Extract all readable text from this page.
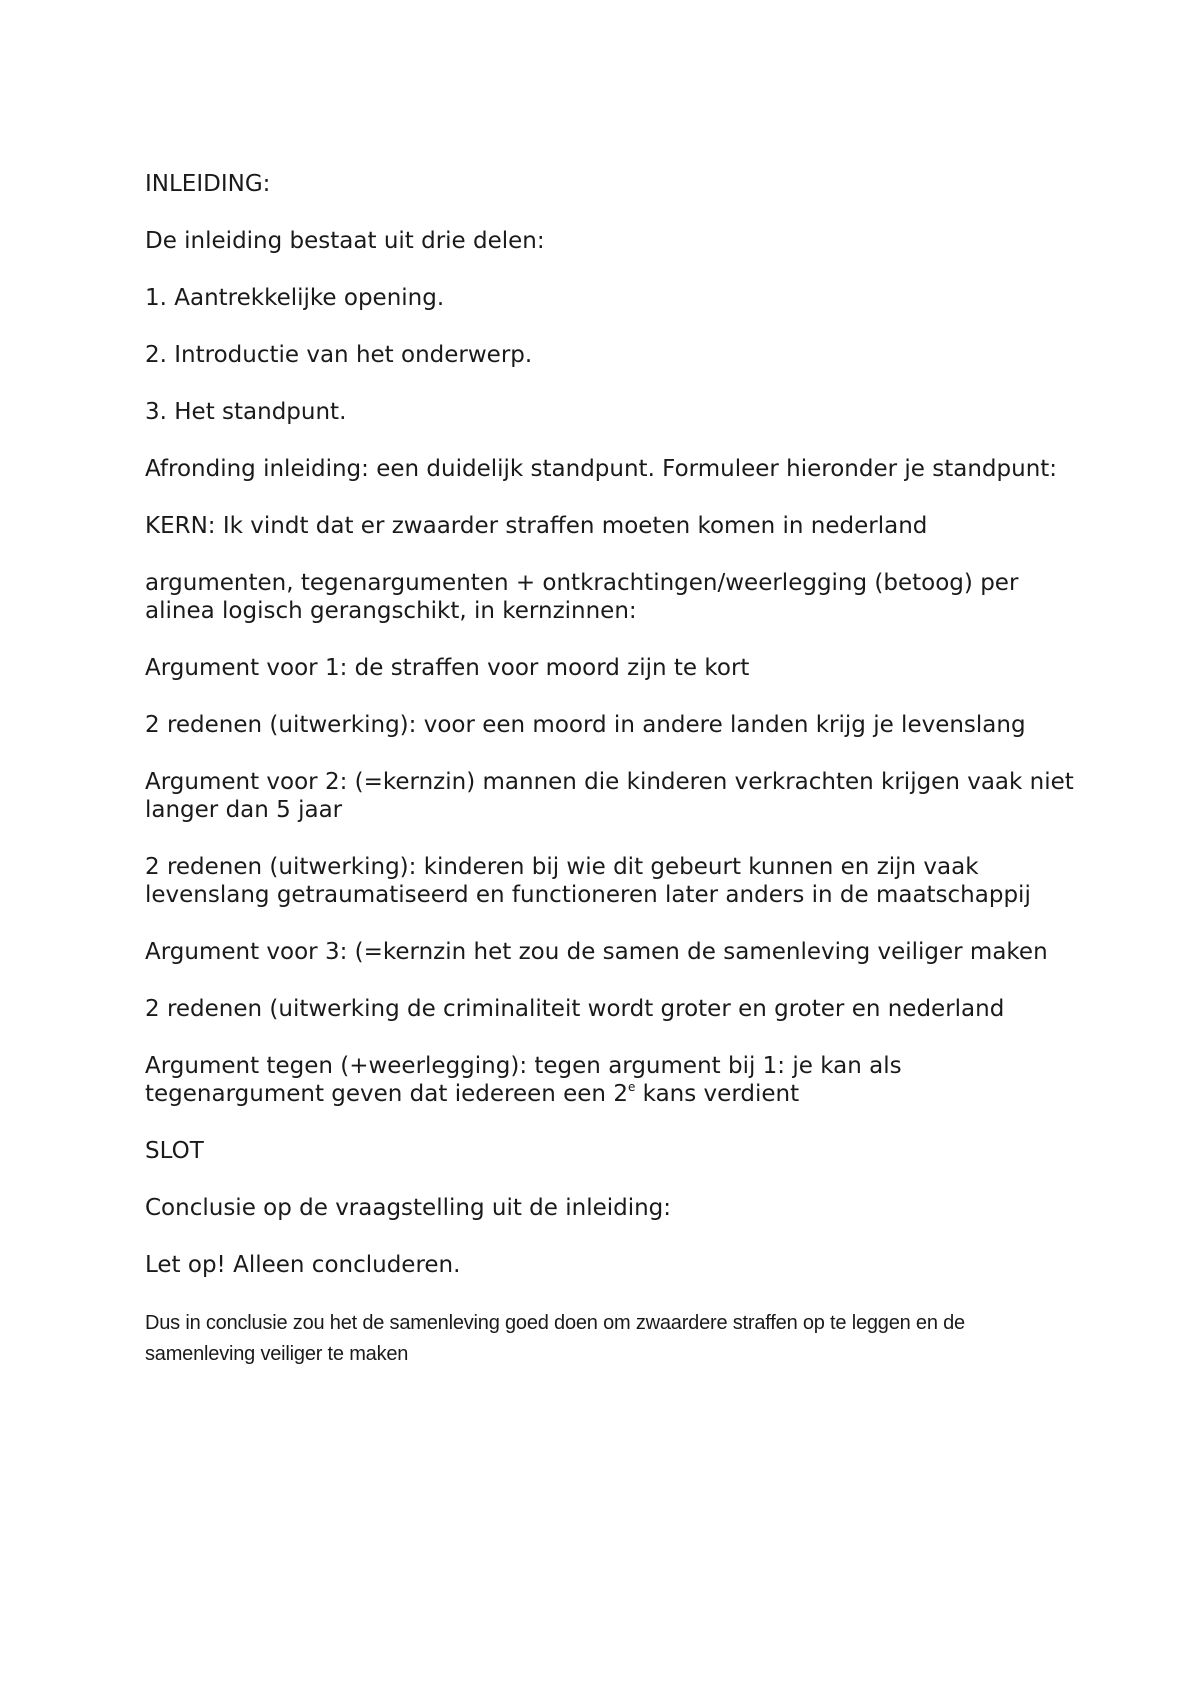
INLEIDING:

De inleiding bestaat uit drie delen:

1. Aantrekkelijke opening.

2. Introductie van het onderwerp.

3. Het standpunt.

Afronding inleiding: een duidelijk standpunt. Formuleer hieronder je standpunt:

KERN: Ik vindt dat er zwaarder straffen moeten komen in nederland

argumenten, tegenargumenten + ontkrachtingen/weerlegging (betoog) per alinea logisch gerangschikt, in kernzinnen:

Argument voor 1: de straffen voor moord zijn te kort

2 redenen (uitwerking): voor een moord in andere landen krijg je levenslang

Argument voor 2: (=kernzin) mannen die kinderen verkrachten krijgen vaak niet langer dan 5 jaar

2 redenen (uitwerking): kinderen bij wie dit gebeurt kunnen en zijn vaak levenslang getraumatiseerd en functioneren later anders in de maatschappij

Argument voor 3: (=kernzin het zou de samen de samenleving veiliger maken

2 redenen (uitwerking de criminaliteit wordt groter en groter en nederland

Argument tegen (+weerlegging): tegen argument bij 1: je kan als tegenargument geven dat iedereen een 2e kans verdient

SLOT

Conclusie op de vraagstelling uit de inleiding:

Let op! Alleen concluderen.

Dus in conclusie zou het de samenleving goed doen om zwaardere straffen op te leggen en de samenleving veiliger te maken
